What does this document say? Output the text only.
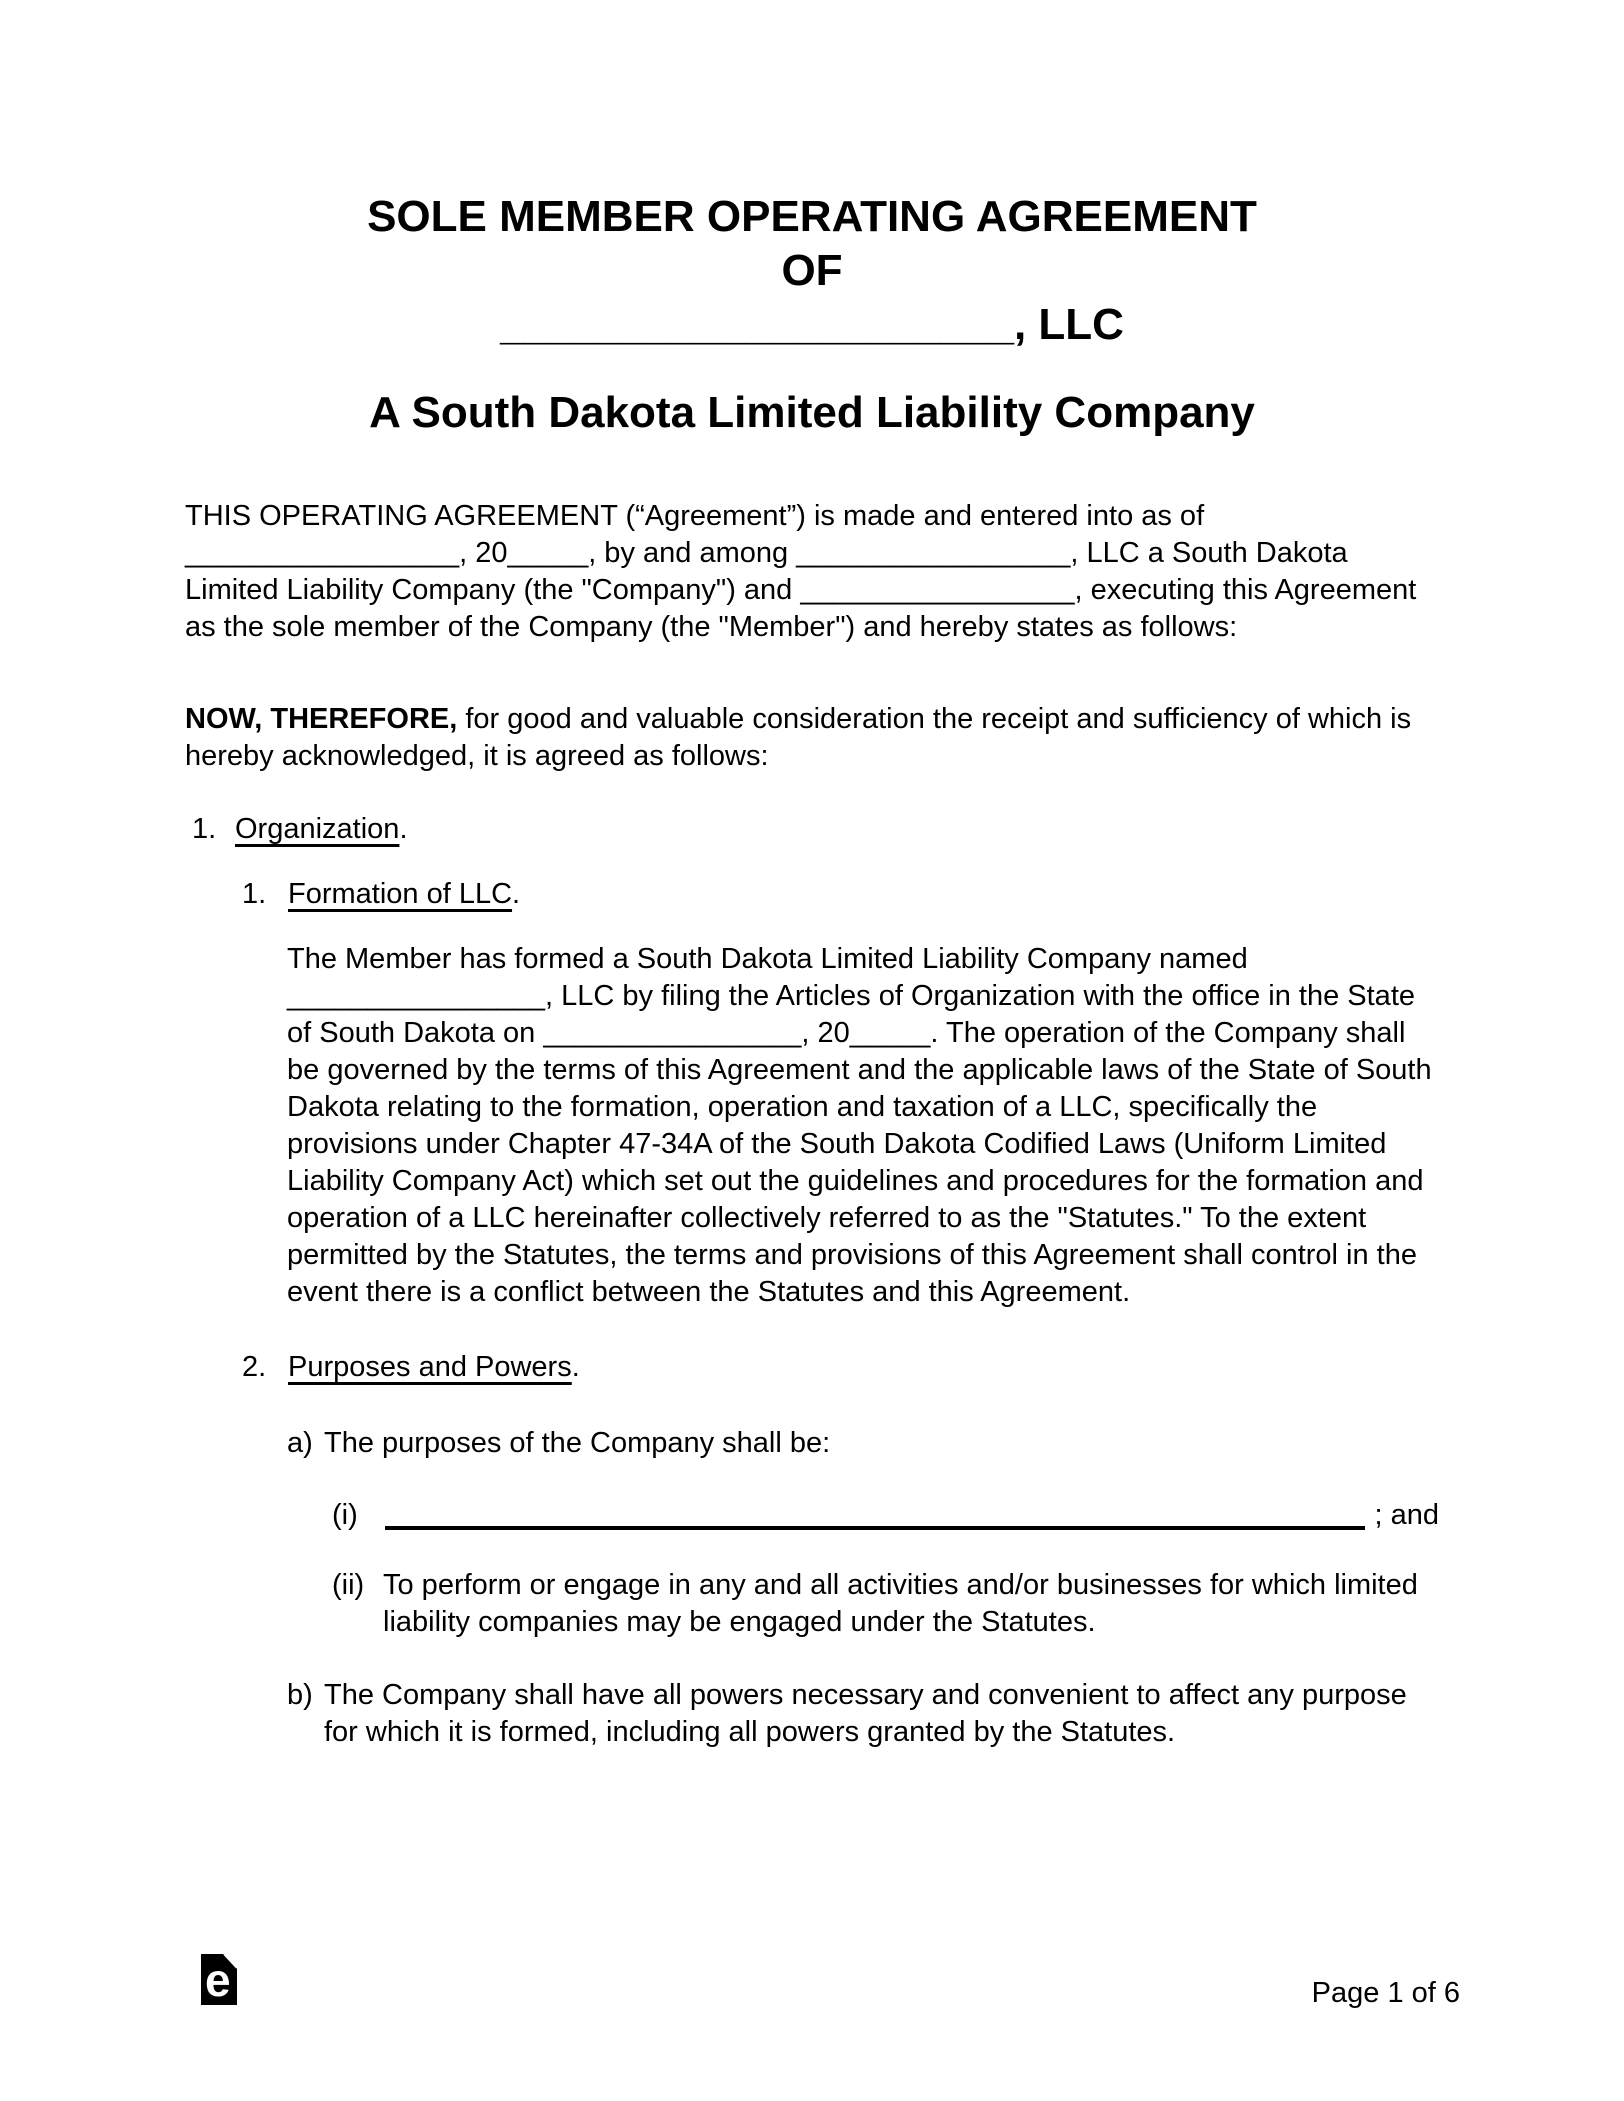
SOLE MEMBER OPERATING AGREEMENT
OF
_____________________, LLC
A South Dakota Limited Liability Company
THIS OPERATING AGREEMENT (“Agreement”) is made and entered into as of _________________, 20_____, by and among _________________, LLC a South Dakota Limited Liability Company (the "Company") and _________________, executing this Agreement as the sole member of the Company (the "Member") and hereby states as follows:
NOW, THEREFORE, for good and valuable consideration the receipt and sufficiency of which is hereby acknowledged, it is agreed as follows:
1. Organization.
1. Formation of LLC.
The Member has formed a South Dakota Limited Liability Company named ________________, LLC by filing the Articles of Organization with the office in the State of South Dakota on ________________, 20_____. The operation of the Company shall be governed by the terms of this Agreement and the applicable laws of the State of South Dakota relating to the formation, operation and taxation of a LLC, specifically the provisions under Chapter 47-34A of the South Dakota Codified Laws (Uniform Limited Liability Company Act) which set out the guidelines and procedures for the formation and operation of a LLC hereinafter collectively referred to as the "Statutes." To the extent permitted by the Statutes, the terms and provisions of this Agreement shall control in the event there is a conflict between the Statutes and this Agreement.
2. Purposes and Powers.
a) The purposes of the Company shall be:
(i)	; and
(ii) To perform or engage in any and all activities and/or businesses for which limited liability companies may be engaged under the Statutes.
b) The Company shall have all powers necessary and convenient to affect any purpose for which it is formed, including all powers granted by the Statutes.
e	Page 1 of 6
